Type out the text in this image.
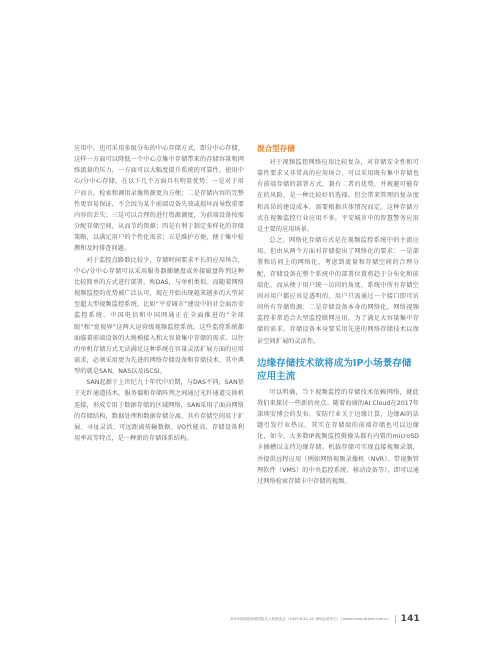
应用中，也可采用多级分布的中心存储方式，即分中心存储，这样一方面可以降低一个中心点集中存储带来的存储容量和网络流量的压力，一方面可以大幅度提升系统的可靠性，使用中心/分中心存储，在以下几个方面具有明显优势：一是对于用户而言，检索和调用录像资源更为方便；二是存储内容的完整性更容易保证，不会因为某个前端设备失效或损坏而导致重要内容的丢失；三是可以合理的进行资源调度，为前端设备按需分配存储空间，从而节约资源；四是有利于制定多样化的存储策略，以满足用户的个性化需求；五是维护方便，便于集中检测和及时排查问题。

对于监控点路数比较少，存储时间要求不长的应用场合，中心/分中心存储可以采用服务器插硬盘或外接磁盘阵列这种比较简单的方式进行部署，称DAS，与单机类似。而随着网络视频监控的优势被广泛认可，现在开始出现越来越多的大型甚至超大型视频监控系统，比如“平安城市”建设中的社会面治安监控系统、中国电信和中国网通正在全面推进的“全球眼”和“宽视界”这两大运营级视频监控系统。这些监控系统都面临着前端设备的大规模接入和大容量集中存储的需求。以往的单机存储方式无法满足这种系统在容量灵活扩展方面的应用需求，必须采用更为先进的网络存储设备和存储技术，其中典型的就是SAN、NAS以及iSCSI。

SAN起源于上世纪九十年代中后期，与DAS不同，SAN基于光纤通道技术，服务器和存储阵列之间通过光纤通道交换机连接，形成专用于数据存储的区域网络，SAN采用了面向网络的存储结构，数据处理和数据存储分离，具有存储空间易于扩展、寻址灵活、可远距离传输数据、I/O性能高、存储设备利用率高等特点，是一种新的存储体系结构。

混合型存储

对于视频监控网络应用比较复杂，对存储安全性和可靠性要求又非常高的应用场合，可以采用既有集中存储也有前端存储的部署方式，兼有二者的优势，并规避可能存在的风险，是一种比较好的选择。但会带来管理的复杂度和高昂的建设成本，需要根据具体情况而定。这种存储方式在视频监控行业应用不多，平安城市中的智慧警务应用是主要的应用场景。

总之，网络化存储方式是在视频监控系统中的主流应用。但由从两个方面对存储提出了网络化的要求：一是部署和访问上的网络化，考虑到流量和存储空间的合理分配，存储设备在整个系统中的部署位置将趋于分布化和前端化，而从便于用户统一访问的角度，系统中所有存储空间对用户都应该是透明的，用户只需通过一个接口即可访问所有存储资源；二是存储设备本身的网络化，网络视频监控非常适合大型监控联网应用，为了满足大容量集中存储的需求，存储设备本身要采用先进的网络存储技术以保证空间扩展的灵活性。

边缘存储技术欲将成为IP小场景存储应用主流

可以明确，当下视频监控的存储技术依赖网络，就此我们来探讨一些新的亮点。随着海康的AI Cloud在2017年深圳安博会的发布，安防行业关于边缘计算，边缘AI的话题引发行业热议。其实在存储端的前端存储也可以边缘化，如今，大多数IP视频监控摄像头都有内置的microSD卡插槽以支持边缘存储。机载存储可实现直接视频录制，并提供远程应用（例如网络视频录像机（NVR）、带视频管理软件（VMS）的中央监控系统、移动设备等），即可以通过网络检索存储卡中存储的视频。

2019第四届深圳国际无人机展览会（2019.6.20–22 深圳会展中心）| www.china–drone.com.cn 141
